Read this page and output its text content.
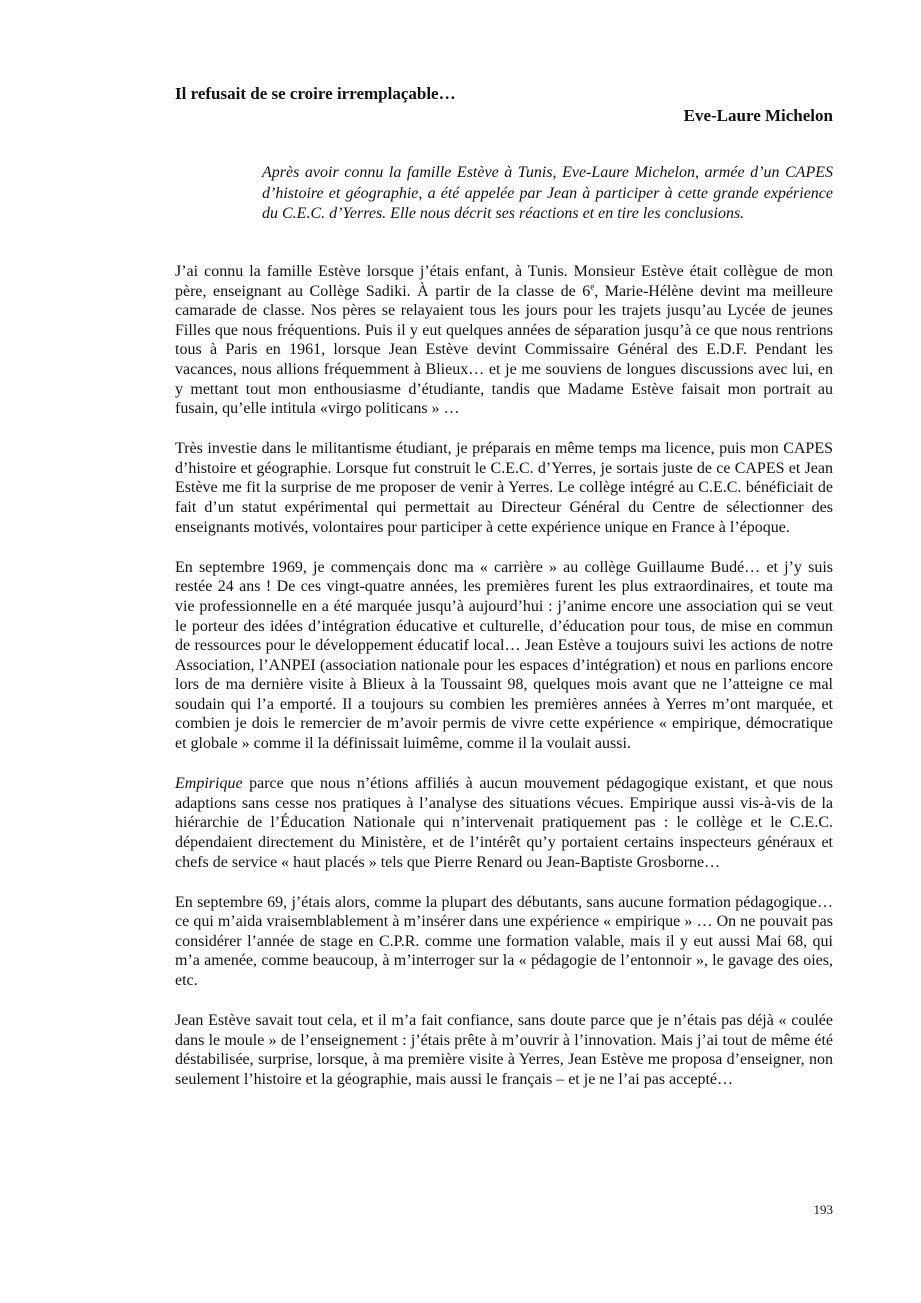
Il refusait de se croire irremplaçable…
Eve-Laure Michelon

Après avoir connu la famille Estève à Tunis, Eve-Laure Michelon, armée d’un CAPES d’histoire et géographie, a été appelée par Jean à participer à cette grande expérience du C.E.C. d’Yerres. Elle nous décrit ses réactions et en tire les conclusions.

J’ai connu la famille Estève lorsque j’étais enfant, à Tunis. Monsieur Estève était collègue de mon père, enseignant au Collège Sadiki. À partir de la classe de 6e, Marie-Hélène devint ma meilleure camarade de classe. Nos pères se relayaient tous les jours pour les trajets jusqu’au Lycée de jeunes Filles que nous fréquentions. Puis il y eut quelques années de séparation jusqu’à ce que nous rentrions tous à Paris en 1961, lorsque Jean Estève devint Commissaire Général des E.D.F. Pendant les vacances, nous allions fréquemment à Blieux… et je me souviens de longues discussions avec lui, en y mettant tout mon enthousiasme d’étudiante, tandis que Madame Estève faisait mon portrait au fusain, qu’elle intitula «virgo politicans » …

Très investie dans le militantisme étudiant, je préparais en même temps ma licence, puis mon CAPES d’histoire et géographie. Lorsque fut construit le C.E.C. d’Yerres, je sortais juste de ce CAPES et Jean Estève me fit la surprise de me proposer de venir à Yerres. Le collège intégré au C.E.C. bénéficiait de fait d’un statut expérimental qui permettait au Directeur Général du Centre de sélectionner des enseignants motivés, volontaires pour participer à cette expérience unique en France à l’époque.

En septembre 1969, je commençais donc ma « carrière » au collège Guillaume Budé… et j’y suis restée 24 ans ! De ces vingt-quatre années, les premières furent les plus extraordinaires, et toute ma vie professionnelle en a été marquée jusqu’à aujourd’hui : j’anime encore une association qui se veut le porteur des idées d’intégration éducative et culturelle, d’éducation pour tous, de mise en commun de ressources pour le développement éducatif local… Jean Estève a toujours suivi les actions de notre Association, l’ANPEI (association nationale pour les espaces d’intégration) et nous en parlions encore lors de ma dernière visite à Blieux à la Toussaint 98, quelques mois avant que ne l’atteigne ce mal soudain qui l’a emporté. Il a toujours su combien les premières années à Yerres m’ont marquée, et combien je dois le remercier de m’avoir permis de vivre cette expérience « empirique, démocratique et globale » comme il la définissait luimême, comme il la voulait aussi.

Empirique parce que nous n’étions affiliés à aucun mouvement pédagogique existant, et que nous adaptions sans cesse nos pratiques à l’analyse des situations vécues. Empirique aussi vis-à-vis de la hiérarchie de l’Éducation Nationale qui n’intervenait pratiquement pas : le collège et le C.E.C. dépendaient directement du Ministère, et de l’intérêt qu’y portaient certains inspecteurs généraux et chefs de service « haut placés » tels que Pierre Renard ou Jean-Baptiste Grosborne…

En septembre 69, j’étais alors, comme la plupart des débutants, sans aucune formation pédagogique… ce qui m’aida vraisemblablement à m’insérer dans une expérience « empirique » … On ne pouvait pas considérer l’année de stage en C.P.R. comme une formation valable, mais il y eut aussi Mai 68, qui m’a amenée, comme beaucoup, à m’interroger sur la « pédagogie de l’entonnoir », le gavage des oies, etc.

Jean Estève savait tout cela, et il m’a fait confiance, sans doute parce que je n’étais pas déjà « coulée dans le moule » de l’enseignement : j’étais prête à m’ouvrir à l’innovation. Mais j’ai tout de même été déstabilisée, surprise, lorsque, à ma première visite à Yerres, Jean Estève me proposa d’enseigner, non seulement l’histoire et la géographie, mais aussi le français – et je ne l’ai pas accepté…

193
